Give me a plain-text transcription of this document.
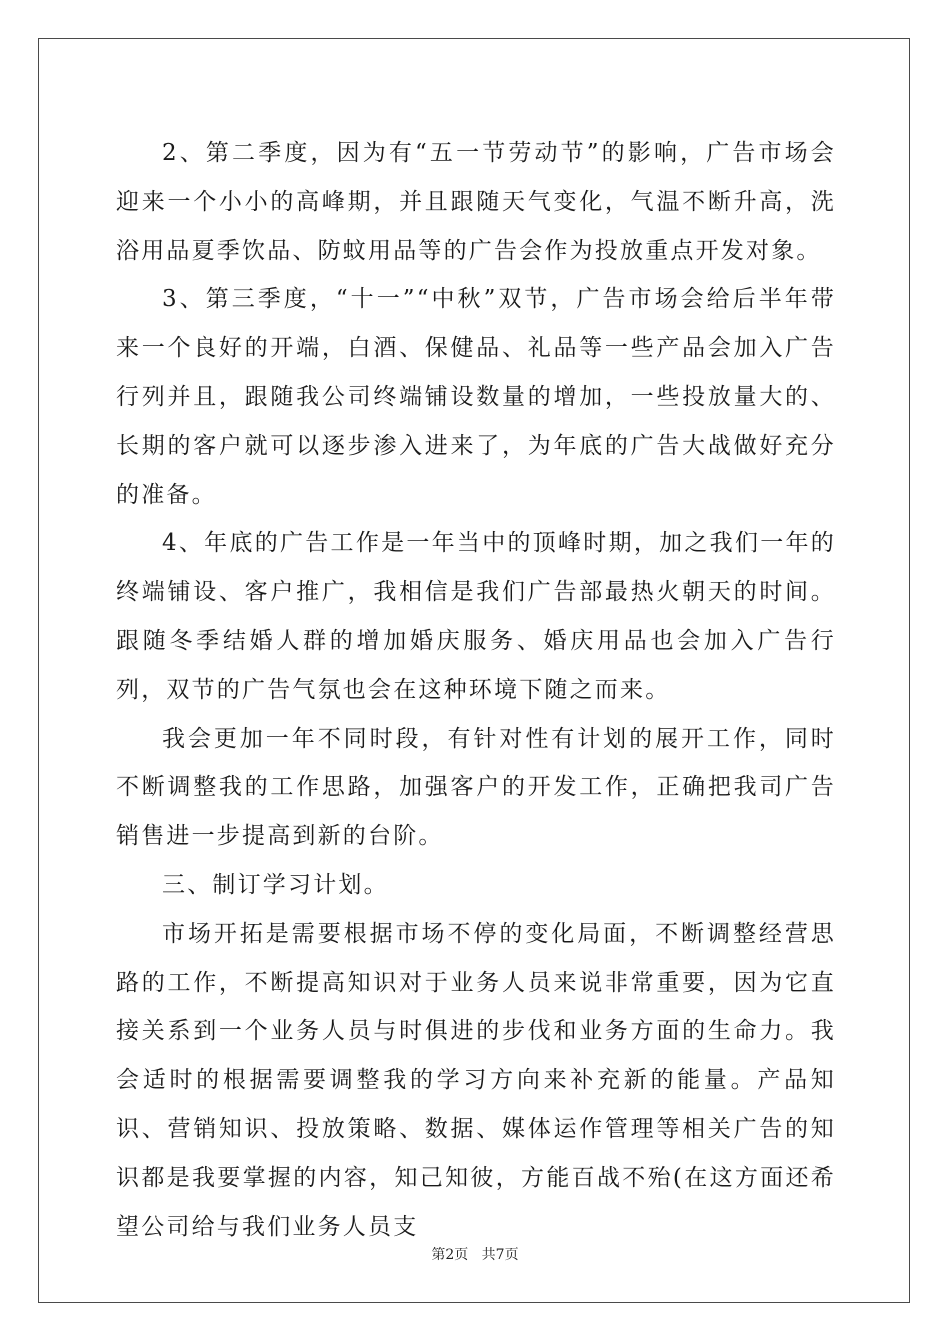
2、第二季度，因为有“五一节劳动节”的影响，广告市场会迎来一个小小的高峰期，并且跟随天气变化，气温不断升高，洗浴用品夏季饮品、防蚊用品等的广告会作为投放重点开发对象。

3、第三季度，“十一”“中秋”双节，广告市场会给后半年带来一个良好的开端，白酒、保健品、礼品等一些产品会加入广告行列并且，跟随我公司终端铺设数量的增加，一些投放量大的、长期的客户就可以逐步渗入进来了，为年底的广告大战做好充分的准备。

4、年底的广告工作是一年当中的顶峰时期，加之我们一年的终端铺设、客户推广，我相信是我们广告部最热火朝天的时间。跟随冬季结婚人群的增加婚庆服务、婚庆用品也会加入广告行列，双节的广告气氛也会在这种环境下随之而来。

我会更加一年不同时段，有针对性有计划的展开工作，同时不断调整我的工作思路，加强客户的开发工作，正确把我司广告销售进一步提高到新的台阶。

三、制订学习计划。

市场开拓是需要根据市场不停的变化局面，不断调整经营思路的工作，不断提高知识对于业务人员来说非常重要，因为它直接关系到一个业务人员与时俱进的步伐和业务方面的生命力。我会适时的根据需要调整我的学习方向来补充新的能量。产品知识、营销知识、投放策略、数据、媒体运作管理等相关广告的知识都是我要掌握的内容，知己知彼，方能百战不殆(在这方面还希望公司给与我们业务人员支

第2页 共7页
